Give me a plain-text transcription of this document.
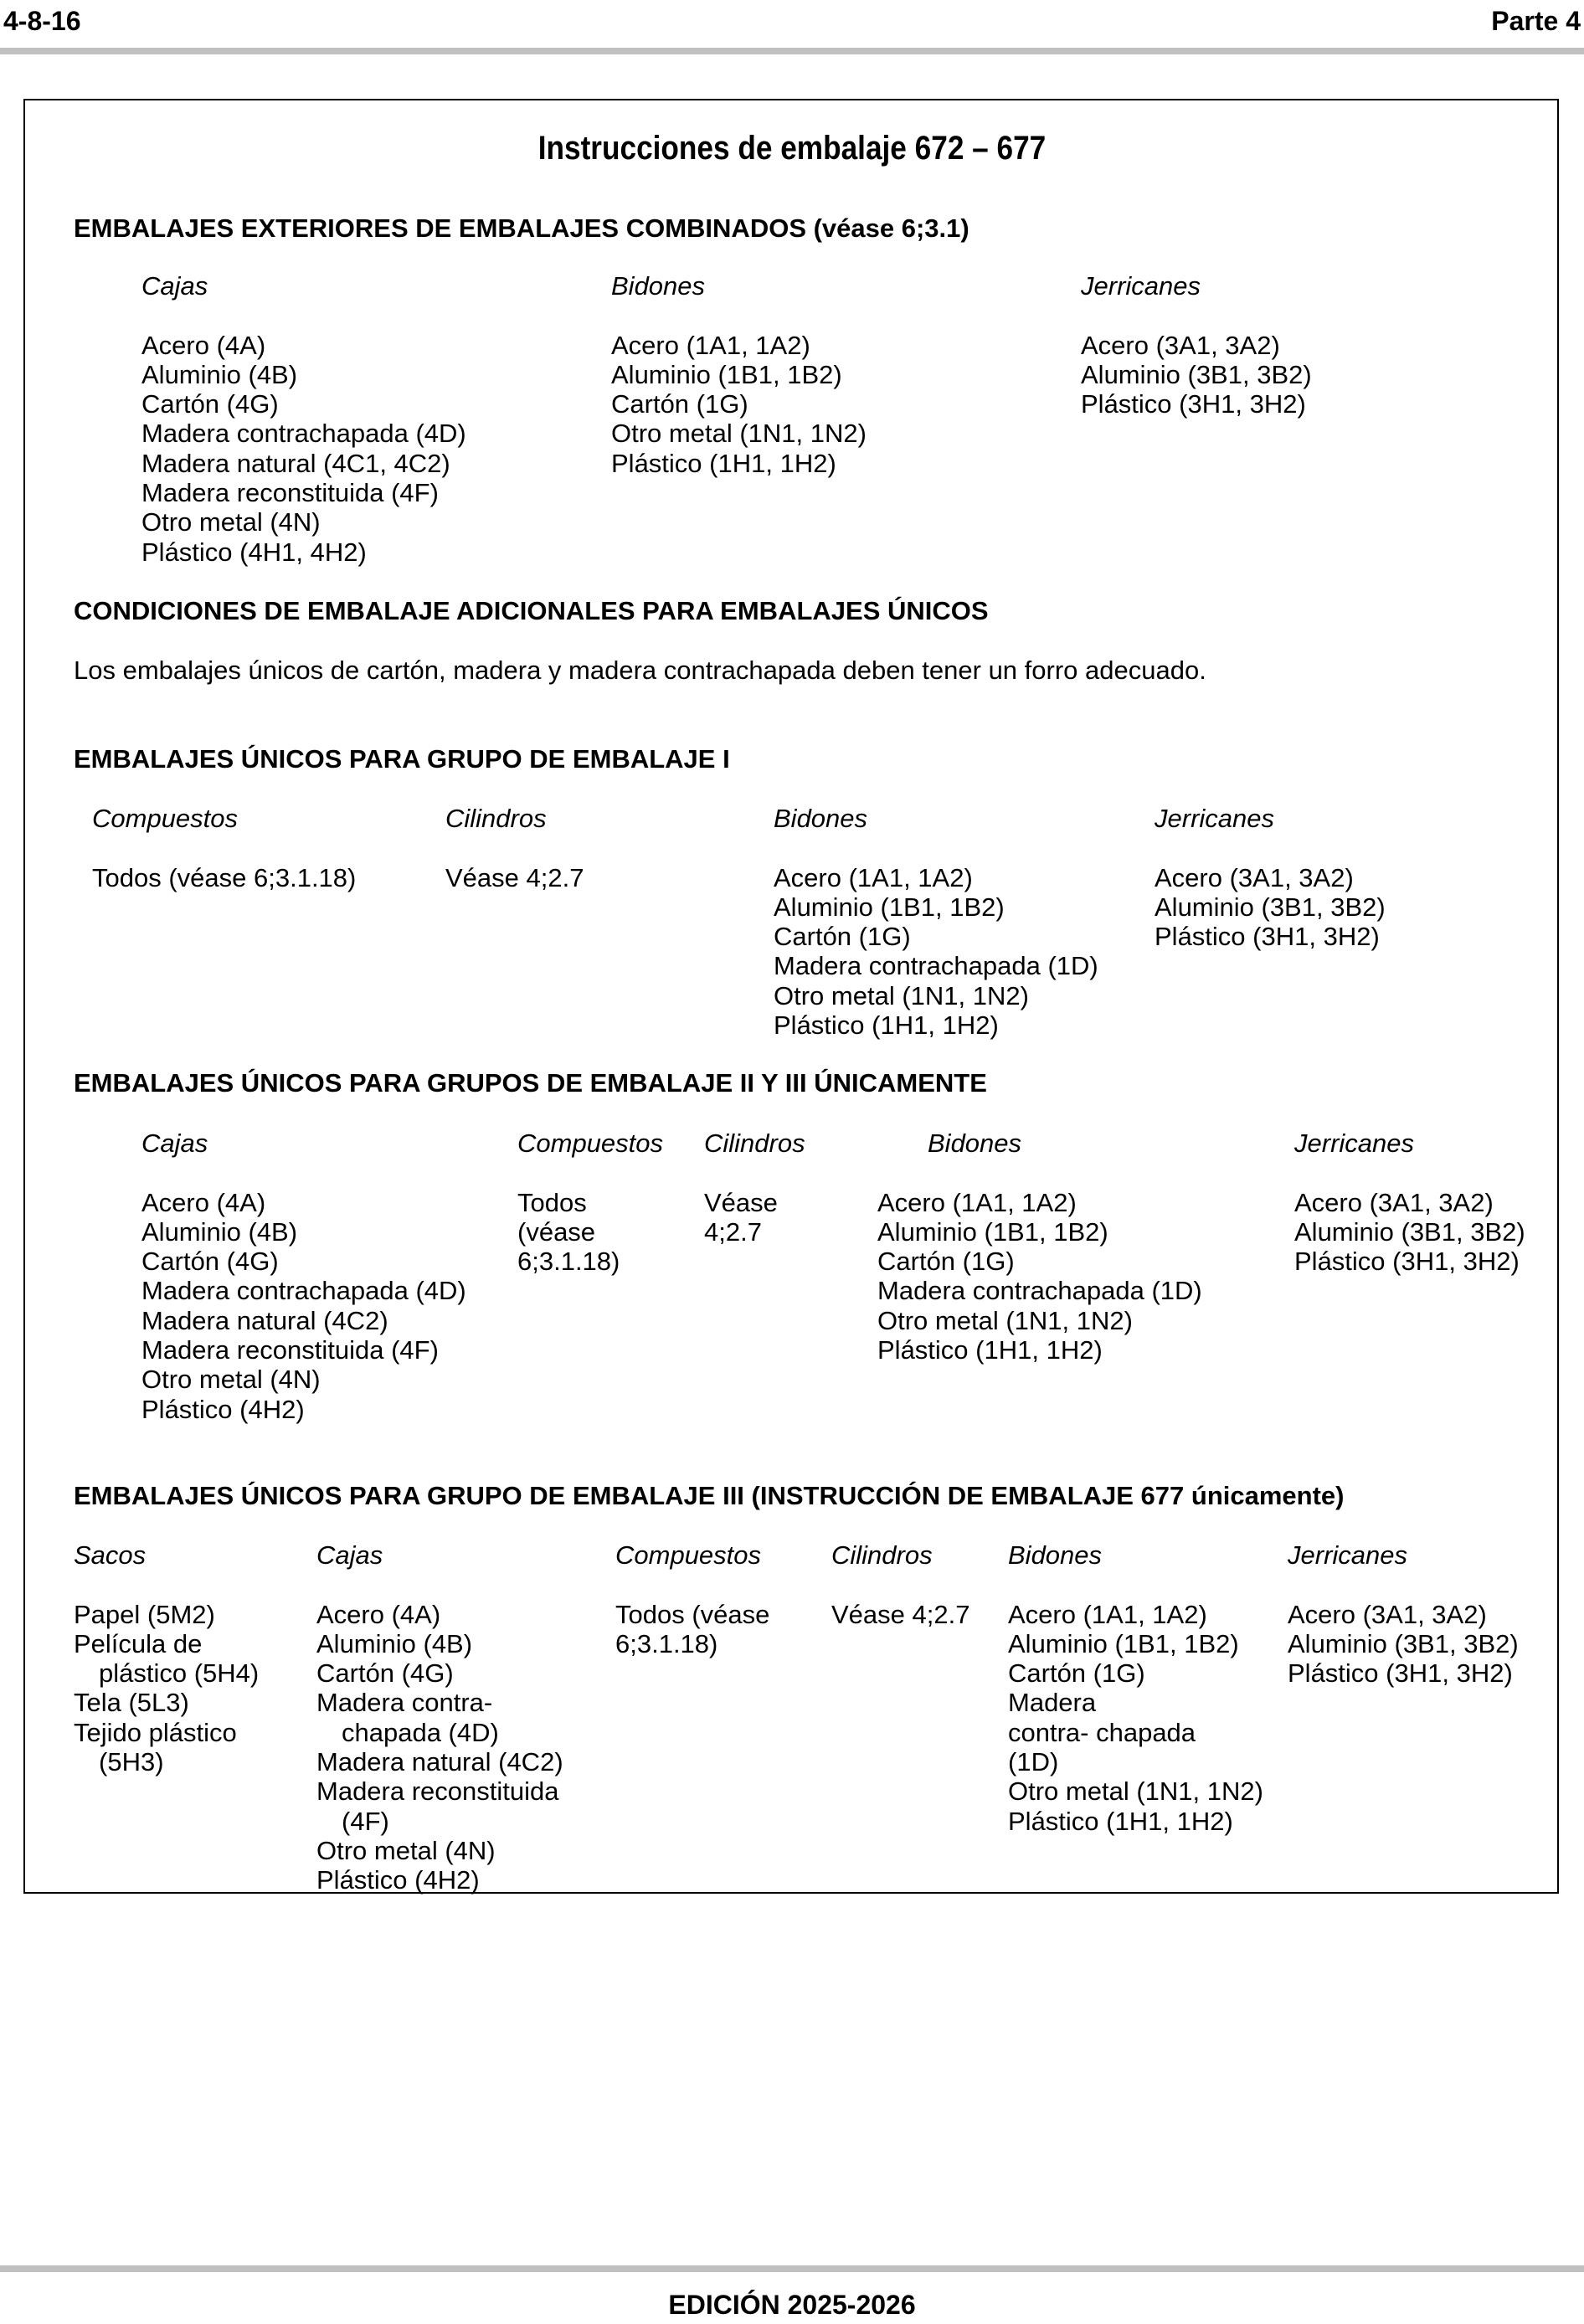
4-8-16	Parte 4
Instrucciones de embalaje 672 – 677
EMBALAJES EXTERIORES DE EMBALAJES COMBINADOS (véase 6;3.1)
Cajas
Acero (4A)
Aluminio (4B)
Cartón (4G)
Madera contrachapada (4D)
Madera natural (4C1, 4C2)
Madera reconstituida (4F)
Otro metal (4N)
Plástico (4H1, 4H2)
Bidones
Acero (1A1, 1A2)
Aluminio (1B1, 1B2)
Cartón (1G)
Otro metal (1N1, 1N2)
Plástico (1H1, 1H2)
Jerricanes
Acero (3A1, 3A2)
Aluminio (3B1, 3B2)
Plástico (3H1, 3H2)
CONDICIONES DE EMBALAJE ADICIONALES PARA EMBALAJES ÚNICOS
Los embalajes únicos de cartón, madera y madera contrachapada deben tener un forro adecuado.
EMBALAJES ÚNICOS PARA GRUPO DE EMBALAJE I
Compuestos
Todos (véase 6;3.1.18)
Cilindros
Véase 4;2.7
Bidones
Acero (1A1, 1A2)
Aluminio (1B1, 1B2)
Cartón (1G)
Madera contrachapada (1D)
Otro metal (1N1, 1N2)
Plástico (1H1, 1H2)
Jerricanes
Acero (3A1, 3A2)
Aluminio (3B1, 3B2)
Plástico (3H1, 3H2)
EMBALAJES ÚNICOS PARA GRUPOS DE EMBALAJE II Y III ÚNICAMENTE
Cajas
Acero (4A)
Aluminio (4B)
Cartón (4G)
Madera contrachapada (4D)
Madera natural (4C2)
Madera reconstituida (4F)
Otro metal (4N)
Plástico (4H2)
Compuestos
Todos
(véase
6;3.1.18)
Cilindros
Véase
4;2.7
Bidones
Acero (1A1, 1A2)
Aluminio (1B1, 1B2)
Cartón (1G)
Madera contrachapada (1D)
Otro metal (1N1, 1N2)
Plástico (1H1, 1H2)
Jerricanes
Acero (3A1, 3A2)
Aluminio (3B1, 3B2)
Plástico (3H1, 3H2)
EMBALAJES ÚNICOS PARA GRUPO DE EMBALAJE III (INSTRUCCIÓN DE EMBALAJE 677 únicamente)
Sacos
Papel (5M2)
Película de
plástico (5H4)
Tela (5L3)
Tejido plástico
(5H3)
Cajas
Acero (4A)
Aluminio (4B)
Cartón (4G)
Madera contra-
chapada (4D)
Madera natural (4C2)
Madera reconstituida
(4F)
Otro metal (4N)
Plástico (4H2)
Compuestos
Todos (véase
6;3.1.18)
Cilindros
Véase 4;2.7
Bidones
Acero (1A1, 1A2)
Aluminio (1B1, 1B2)
Cartón (1G)
Madera
contra- chapada
(1D)
Otro metal (1N1, 1N2)
Plástico (1H1, 1H2)
Jerricanes
Acero (3A1, 3A2)
Aluminio (3B1, 3B2)
Plástico (3H1, 3H2)
EDICIÓN 2025-2026
